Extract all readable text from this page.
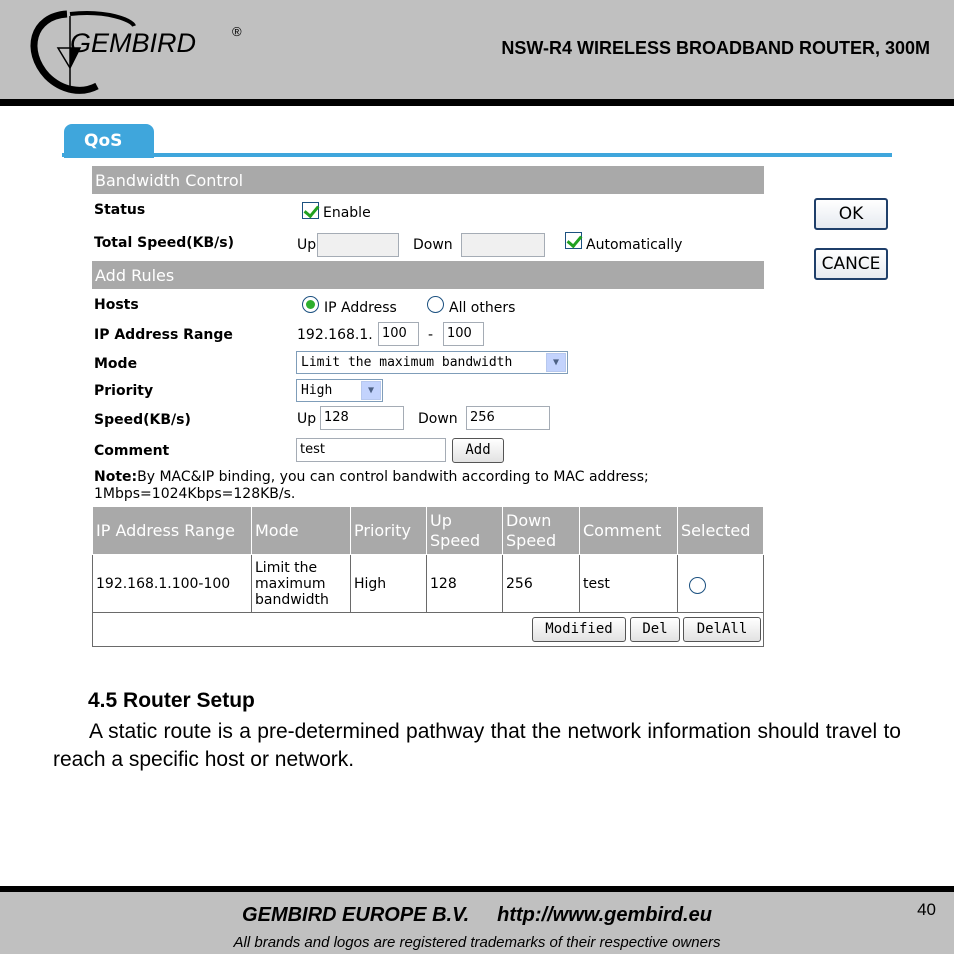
GEMBIRD	®
NSW-R4 WIRELESS BROADBAND ROUTER, 300M
QoS
Bandwidth Control
Status	Enable
Total Speed(KB/s)	Up	Down	Automatically
Add Rules
Hosts	IP Address	All others
IP Address Range	192.168.1. 100	-	100
Mode	Limit the maximum bandwidth	▼
Priority	High	▼
Speed(KB/s)	Up 128	Down 256
Comment	test	Add
Note:By MAC&IP binding, you can control bandwith according to MAC address;
1Mbps=1024Kbps=128KB/s.
IP Address Range	Mode	Priority	Up Speed	Down Speed	Comment	Selected
192.168.1.100-100	Limit the maximum bandwidth	High	128	256	test	

Modified Del DelAll						
OK
CANCE
4.5 Router Setup
A static route is a pre-determined pathway that the network information should travel to reach a specific host or network.
GEMBIRD EUROPE B.V. http://www.gembird.eu
All brands and logos are registered trademarks of their respective owners
40
